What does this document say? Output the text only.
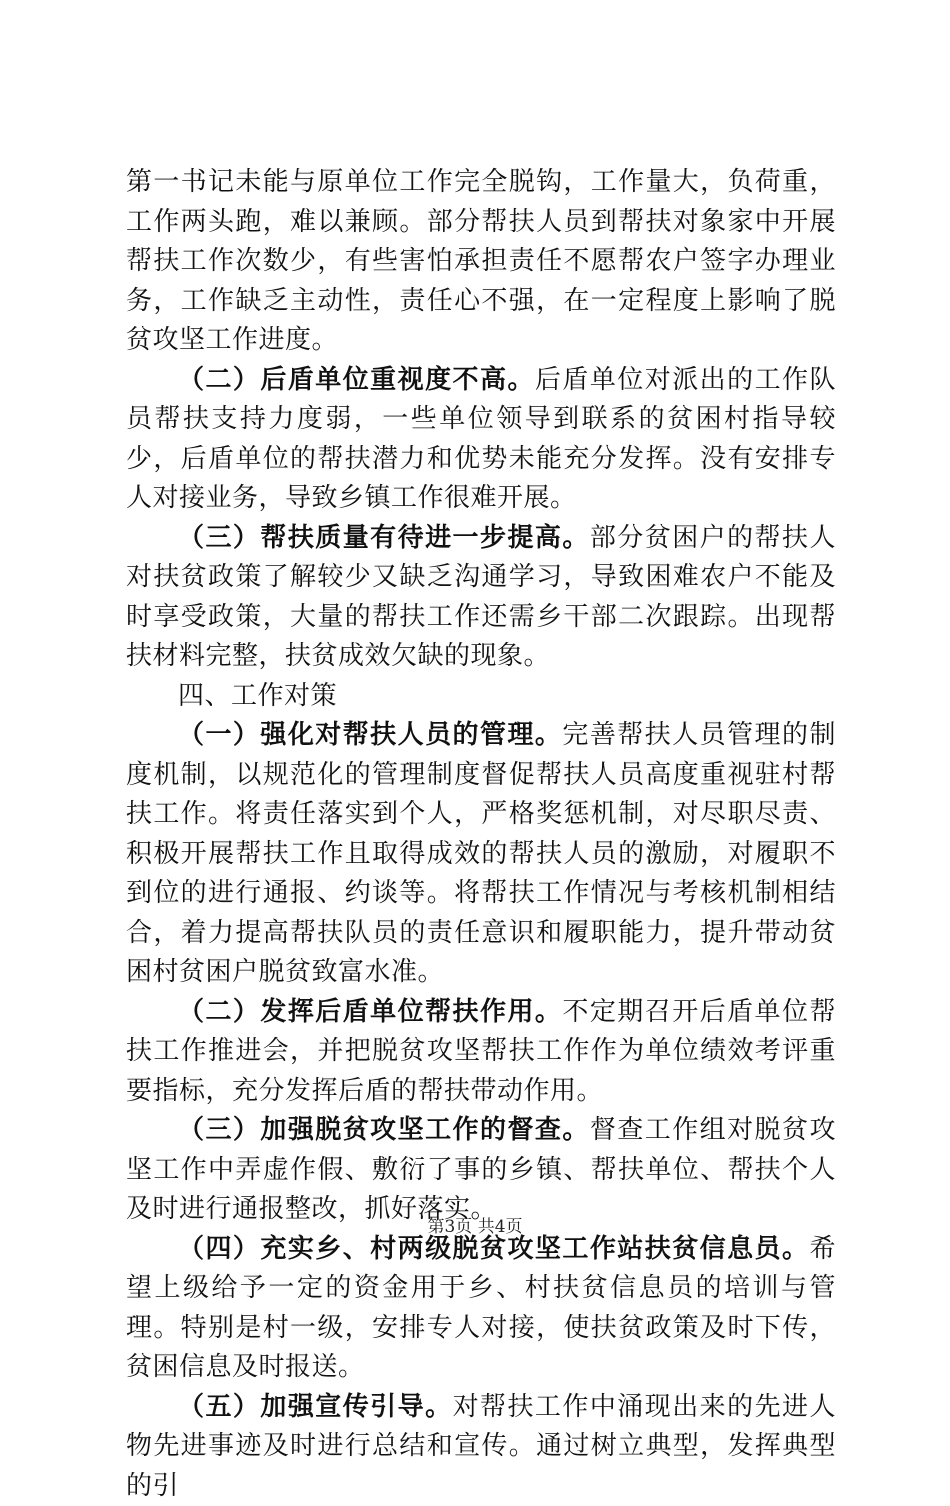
第一书记未能与原单位工作完全脱钩，工作量大，负荷重，工作两头跑，难以兼顾。部分帮扶人员到帮扶对象家中开展帮扶工作次数少，有些害怕承担责任不愿帮农户签字办理业务，工作缺乏主动性，责任心不强，在一定程度上影响了脱贫攻坚工作进度。

（二）后盾单位重视度不高。后盾单位对派出的工作队员帮扶支持力度弱，一些单位领导到联系的贫困村指导较少，后盾单位的帮扶潜力和优势未能充分发挥。没有安排专人对接业务，导致乡镇工作很难开展。

（三）帮扶质量有待进一步提高。部分贫困户的帮扶人对扶贫政策了解较少又缺乏沟通学习，导致困难农户不能及时享受政策，大量的帮扶工作还需乡干部二次跟踪。出现帮扶材料完整，扶贫成效欠缺的现象。

四、工作对策

（一）强化对帮扶人员的管理。完善帮扶人员管理的制度机制，以规范化的管理制度督促帮扶人员高度重视驻村帮扶工作。将责任落实到个人，严格奖惩机制，对尽职尽责、积极开展帮扶工作且取得成效的帮扶人员的激励，对履职不到位的进行通报、约谈等。将帮扶工作情况与考核机制相结合，着力提高帮扶队员的责任意识和履职能力，提升带动贫困村贫困户脱贫致富水准。

（二）发挥后盾单位帮扶作用。不定期召开后盾单位帮扶工作推进会，并把脱贫攻坚帮扶工作作为单位绩效考评重要指标，充分发挥后盾的帮扶带动作用。

（三）加强脱贫攻坚工作的督查。督查工作组对脱贫攻坚工作中弄虚作假、敷衍了事的乡镇、帮扶单位、帮扶个人及时进行通报整改，抓好落实。

（四）充实乡、村两级脱贫攻坚工作站扶贫信息员。希望上级给予一定的资金用于乡、村扶贫信息员的培训与管理。特别是村一级，安排专人对接，使扶贫政策及时下传，贫困信息及时报送。

（五）加强宣传引导。对帮扶工作中涌现出来的先进人物先进事迹及时进行总结和宣传。通过树立典型，发挥典型的引

第3页 共4页
